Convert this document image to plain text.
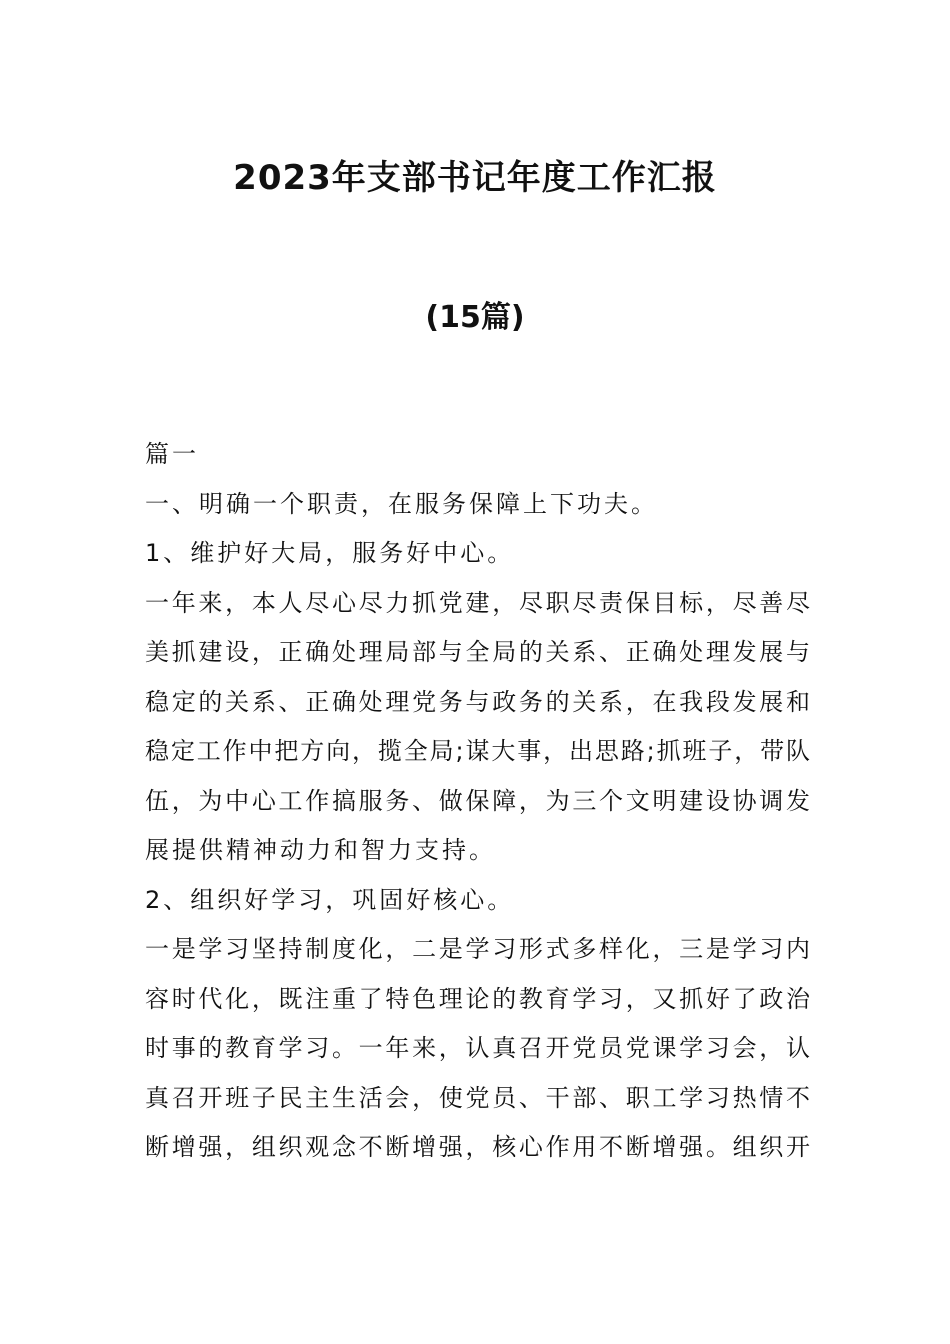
2023年支部书记年度工作汇报
(15篇)
篇一
一、明确一个职责，在服务保障上下功夫。
1、维护好大局，服务好中心。
一年来，本人尽心尽力抓党建，尽职尽责保目标，尽善尽
美抓建设，正确处理局部与全局的关系、正确处理发展与
稳定的关系、正确处理党务与政务的关系，在我段发展和
稳定工作中把方向，揽全局;谋大事，出思路;抓班子，带队
伍，为中心工作搞服务、做保障，为三个文明建设协调发
展提供精神动力和智力支持。
2、组织好学习，巩固好核心。
一是学习坚持制度化，二是学习形式多样化，三是学习内
容时代化，既注重了特色理论的教育学习，又抓好了政治
时事的教育学习。一年来，认真召开党员党课学习会，认
真召开班子民主生活会，使党员、干部、职工学习热情不
断增强，组织观念不断增强，核心作用不断增强。组织开
